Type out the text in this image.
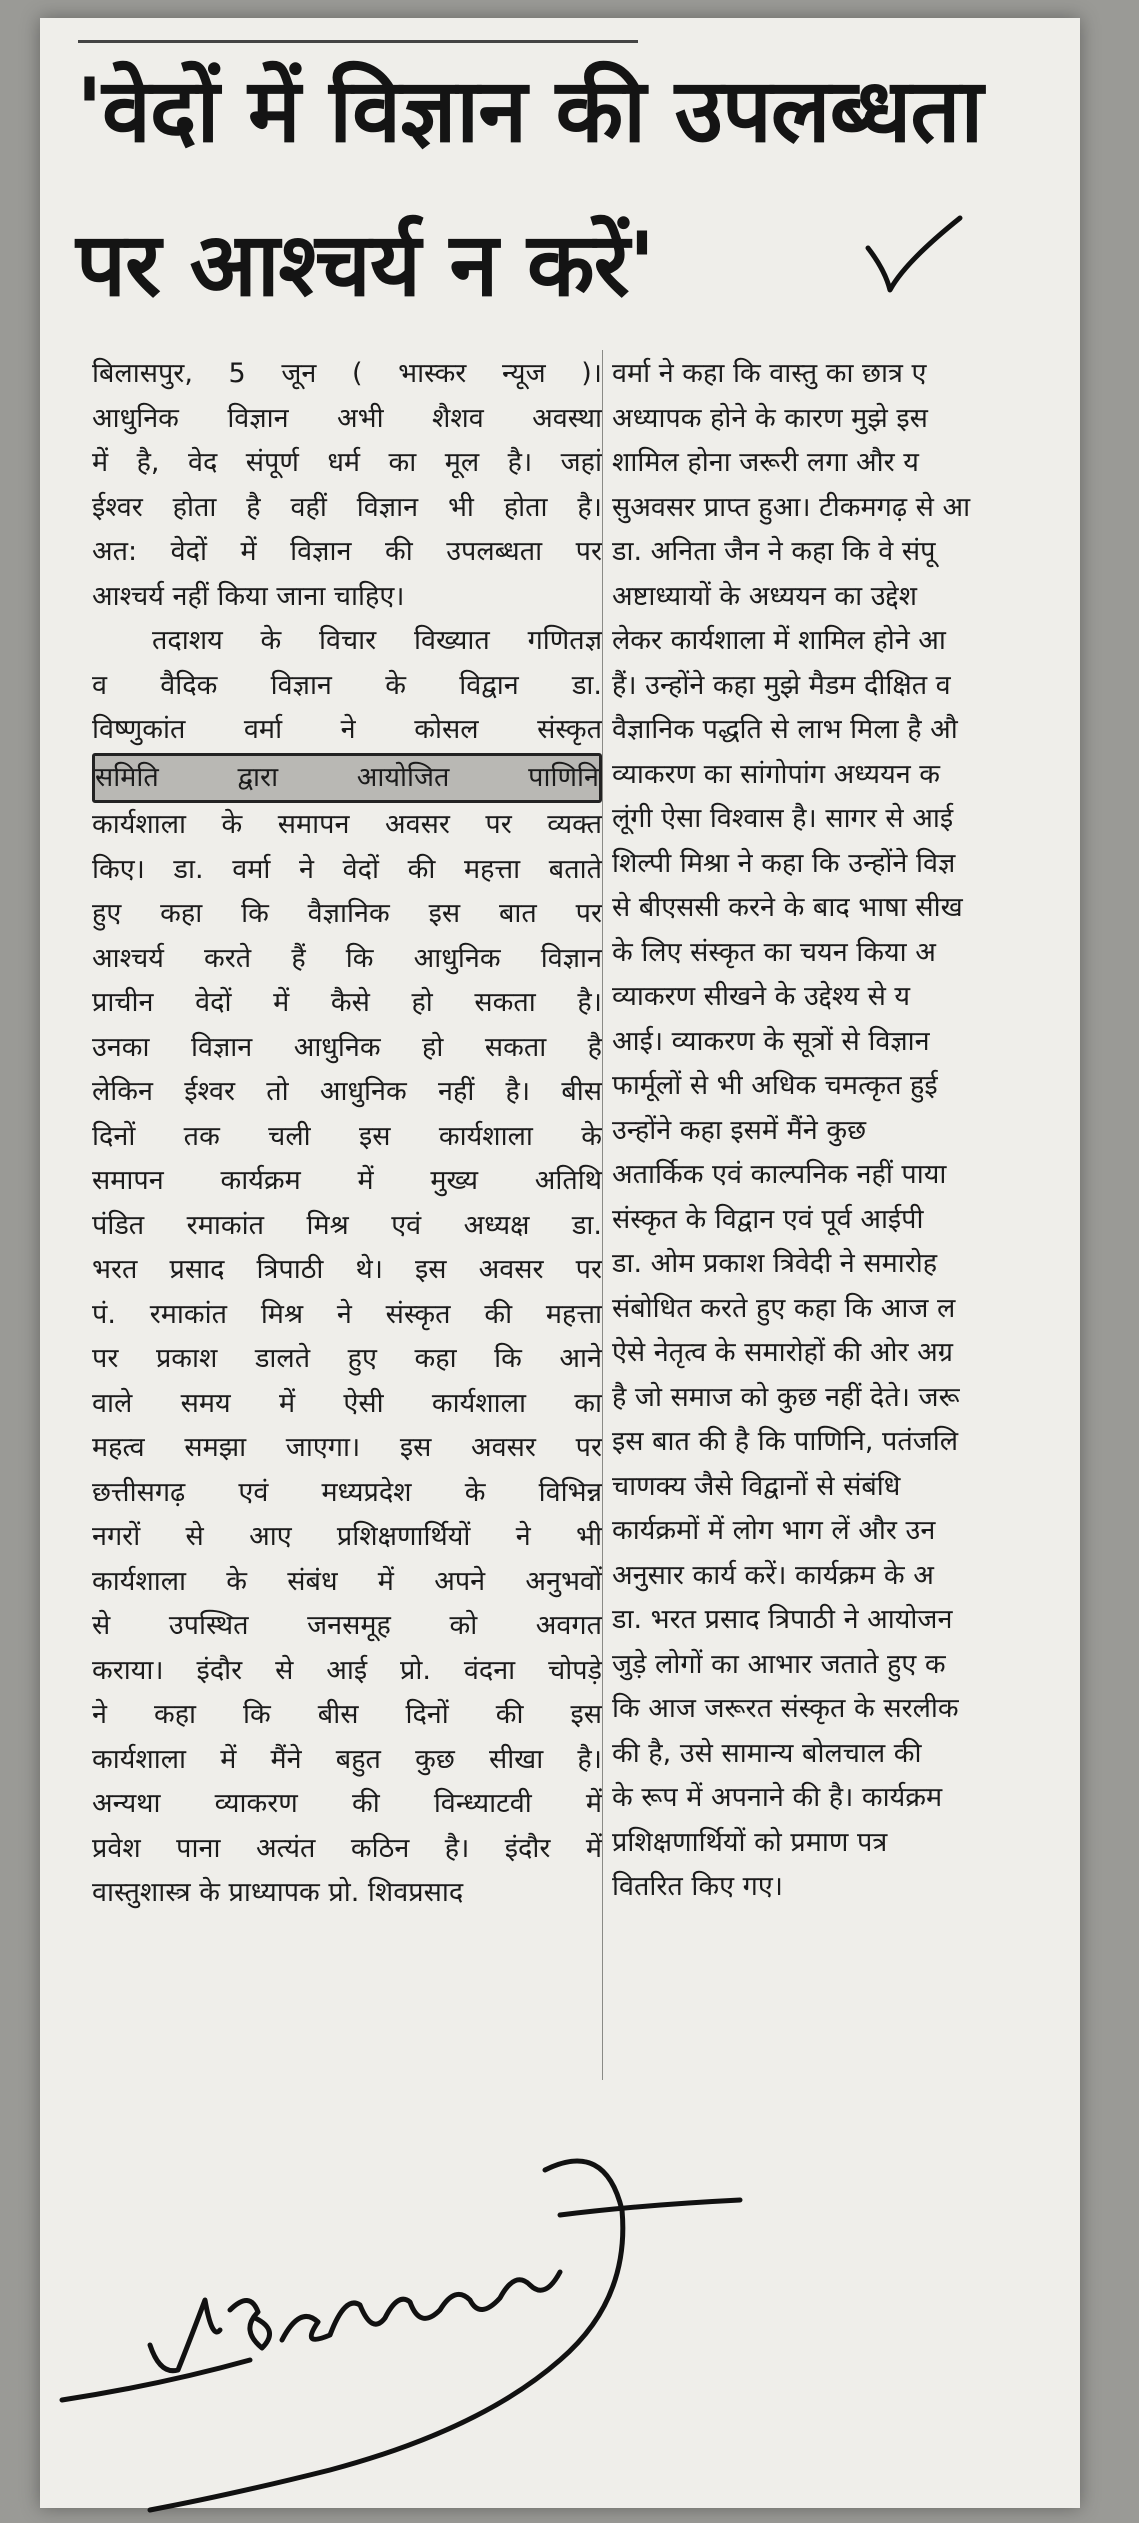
'वेदों में विज्ञान की उपलब्धता
पर आश्चर्य न करें'
बिलासपुर, 5 जून ( भास्कर न्यूज )।
आधुनिक विज्ञान अभी शैशव अवस्था
में है, वेद संपूर्ण धर्म का मूल है। जहां
ईश्वर होता है वहीं विज्ञान भी होता है।
अत: वेदों में विज्ञान की उपलब्धता पर
आश्चर्य नहीं किया जाना चाहिए।
तदाशय के विचार विख्यात गणितज्ञ
व वैदिक विज्ञान के विद्वान डा.
विष्णुकांत वर्मा ने कोसल संस्कृत
समिति द्वारा आयोजित पाणिनि
कार्यशाला के समापन अवसर पर व्यक्त
किए। डा. वर्मा ने वेदों की महत्ता बताते
हुए कहा कि वैज्ञानिक इस बात पर
आश्चर्य करते हैं कि आधुनिक विज्ञान
प्राचीन वेदों में कैसे हो सकता है।
उनका विज्ञान आधुनिक हो सकता है
लेकिन ईश्वर तो आधुनिक नहीं है। बीस
दिनों तक चली इस कार्यशाला के
समापन कार्यक्रम में मुख्य अतिथि
पंडित रमाकांत मिश्र एवं अध्यक्ष डा.
भरत प्रसाद त्रिपाठी थे। इस अवसर पर
पं. रमाकांत मिश्र ने संस्कृत की महत्ता
पर प्रकाश डालते हुए कहा कि आने
वाले समय में ऐसी कार्यशाला का
महत्व समझा जाएगा। इस अवसर पर
छत्तीसगढ़ एवं मध्यप्रदेश के विभिन्न
नगरों से आए प्रशिक्षणार्थियों ने भी
कार्यशाला के संबंध में अपने अनुभवों
से उपस्थित जनसमूह को अवगत
कराया। इंदौर से आई प्रो. वंदना चोपड़े
ने कहा कि बीस दिनों की इस
कार्यशाला में मैंने बहुत कुछ सीखा है।
अन्यथा व्याकरण की विन्ध्याटवी में
प्रवेश पाना अत्यंत कठिन है। इंदौर में
वास्तुशास्त्र के प्राध्यापक प्रो. शिवप्रसाद
वर्मा ने कहा कि वास्तु का छात्र ए
अध्यापक होने के कारण मुझे इस
शामिल होना जरूरी लगा और य
सुअवसर प्राप्त हुआ। टीकमगढ़ से आ
डा. अनिता जैन ने कहा कि वे संपू
अष्टाध्यायों के अध्ययन का उद्देश
लेकर कार्यशाला में शामिल होने आ
हैं। उन्होंने कहा मुझे मैडम दीक्षित व
वैज्ञानिक पद्धति से लाभ मिला है औ
व्याकरण का सांगोपांग अध्ययन क
लूंगी ऐसा विश्वास है। सागर से आई
शिल्पी मिश्रा ने कहा कि उन्होंने विज्ञ
से बीएससी करने के बाद भाषा सीख
के लिए संस्कृत का चयन किया अ
व्याकरण सीखने के उद्देश्य से य
आई। व्याकरण के सूत्रों से विज्ञान
फार्मूलों से भी अधिक चमत्कृत हुई
उन्होंने कहा इसमें मैंने कुछ
अतार्किक एवं काल्पनिक नहीं पाया
संस्कृत के विद्वान एवं पूर्व आईपी
डा. ओम प्रकाश त्रिवेदी ने समारोह
संबोधित करते हुए कहा कि आज ल
ऐसे नेतृत्व के समारोहों की ओर अग्र
है जो समाज को कुछ नहीं देते। जरू
इस बात की है कि पाणिनि, पतंजलि
चाणक्य जैसे विद्वानों से संबंधि
कार्यक्रमों में लोग भाग लें और उन
अनुसार कार्य करें। कार्यक्रम के अ
डा. भरत प्रसाद त्रिपाठी ने आयोजन
जुड़े लोगों का आभार जताते हुए क
कि आज जरूरत संस्कृत के सरलीक
की है, उसे सामान्य बोलचाल की
के रूप में अपनाने की है। कार्यक्रम
प्रशिक्षणार्थियों को प्रमाण पत्र
वितरित किए गए।
